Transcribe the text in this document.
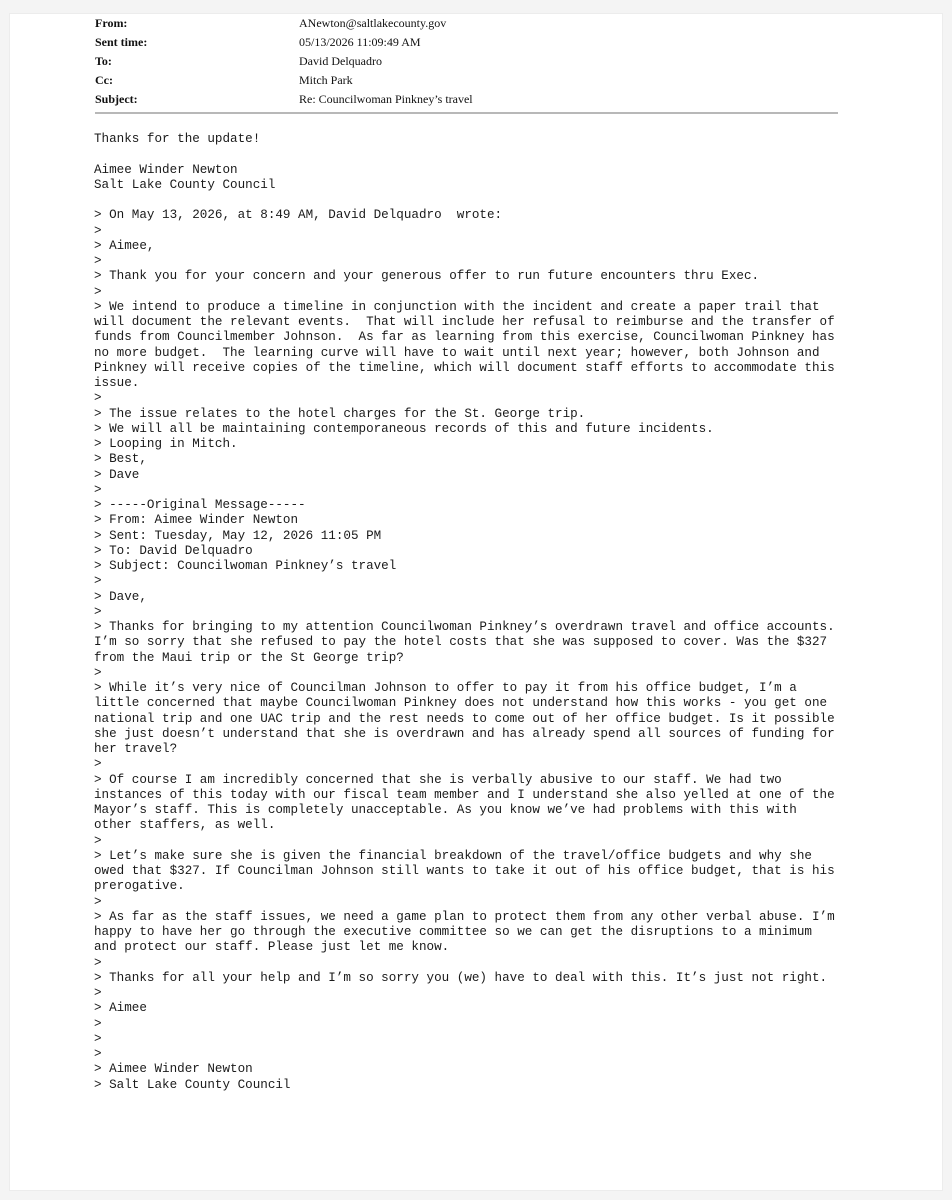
From:	ANewton@saltlakecounty.gov
Sent time:	05/13/2026 11:09:49 AM
To:	David Delquadro
Cc:	Mitch Park
Subject:	Re: Councilwoman Pinkney’s travel
Thanks for the update!
Aimee Winder Newton
Salt Lake County Council
> On May 13, 2026, at 8:49 AM, David Delquadro  wrote:
>
> Aimee,
>
> Thank you for your concern and your generous offer to run future encounters thru Exec.
>
> We intend to produce a timeline in conjunction with the incident and create a paper trail that
will document the relevant events.  That will include her refusal to reimburse and the transfer of
funds from Councilmember Johnson.  As far as learning from this exercise, Councilwoman Pinkney has
no more budget.  The learning curve will have to wait until next year; however, both Johnson and
Pinkney will receive copies of the timeline, which will document staff efforts to accommodate this
issue.
>
> The issue relates to the hotel charges for the St. George trip.
> We will all be maintaining contemporaneous records of this and future incidents.
> Looping in Mitch.
> Best,
> Dave
>
> -----Original Message-----
> From: Aimee Winder Newton
> Sent: Tuesday, May 12, 2026 11:05 PM
> To: David Delquadro
> Subject: Councilwoman Pinkney’s travel
>
> Dave,
>
> Thanks for bringing to my attention Councilwoman Pinkney’s overdrawn travel and office accounts.
I’m so sorry that she refused to pay the hotel costs that she was supposed to cover. Was the $327
from the Maui trip or the St George trip?
>
> While it’s very nice of Councilman Johnson to offer to pay it from his office budget, I’m a
little concerned that maybe Councilwoman Pinkney does not understand how this works - you get one
national trip and one UAC trip and the rest needs to come out of her office budget. Is it possible
she just doesn’t understand that she is overdrawn and has already spend all sources of funding for
her travel?
>
> Of course I am incredibly concerned that she is verbally abusive to our staff. We had two
instances of this today with our fiscal team member and I understand she also yelled at one of the
Mayor’s staff. This is completely unacceptable. As you know we’ve had problems with this with
other staffers, as well.
>
> Let’s make sure she is given the financial breakdown of the travel/office budgets and why she
owed that $327. If Councilman Johnson still wants to take it out of his office budget, that is his
prerogative.
>
> As far as the staff issues, we need a game plan to protect them from any other verbal abuse. I’m
happy to have her go through the executive committee so we can get the disruptions to a minimum
and protect our staff. Please just let me know.
>
> Thanks for all your help and I’m so sorry you (we) have to deal with this. It’s just not right.
>
> Aimee
>
>
>
> Aimee Winder Newton
> Salt Lake County Council
